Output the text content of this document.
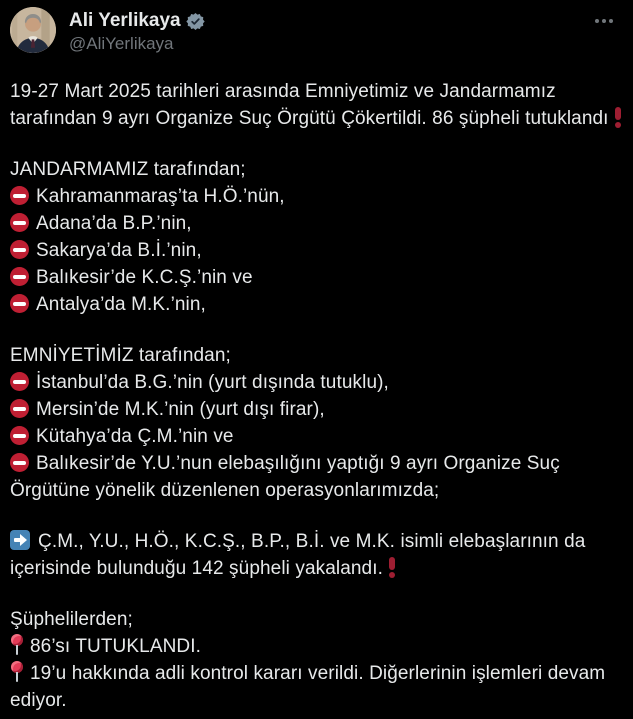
Ali Yerlikaya
@AliYerlikaya
19-27 Mart 2025 tarihleri arasında Emniyetimiz ve Jandarmamız tarafından 9 ayrı Organize Suç Örgütü Çökertildi. 86 şüpheli tutuklandı
JANDARMAMIZ tarafından;
Kahramanmaraş’ta H.Ö.’nün,
Adana’da B.P.’nin,
Sakarya’da B.İ.’nin,
Balıkesir’de K.C.Ş.’nin ve
Antalya’da M.K.’nin,
EMNİYETİMİZ tarafından;
İstanbul’da B.G.’nin (yurt dışında tutuklu),
Mersin’de M.K.’nin (yurt dışı firar),
Kütahya’da Ç.M.’nin ve
Balıkesir’de Y.U.’nun elebaşılığını yaptığı 9 ayrı Organize Suç Örgütüne yönelik düzenlenen operasyonlarımızda;
Ç.M., Y.U., H.Ö., K.C.Ş., B.P., B.İ. ve M.K. isimli elebaşlarının da içerisinde bulunduğu 142 şüpheli yakalandı.
Şüphelilerden;
86’sı TUTUKLANDI.
19’u hakkında adli kontrol kararı verildi. Diğerlerinin işlemleri devam ediyor.
